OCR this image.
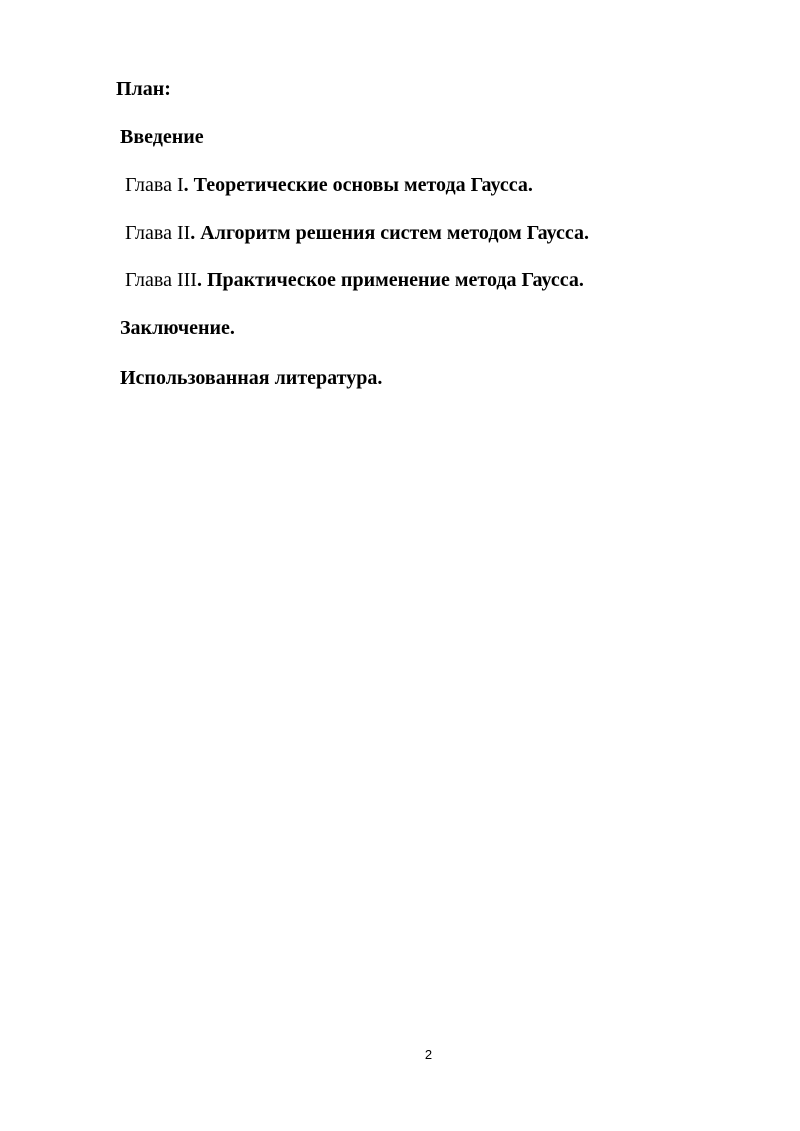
План:
Введение
Глава I. Теоретические основы метода Гаусса.
Глава II. Алгоритм решения систем методом Гаусса.
Глава III. Практическое применение метода Гаусса.
Заключение.
Использованная литература.
2
